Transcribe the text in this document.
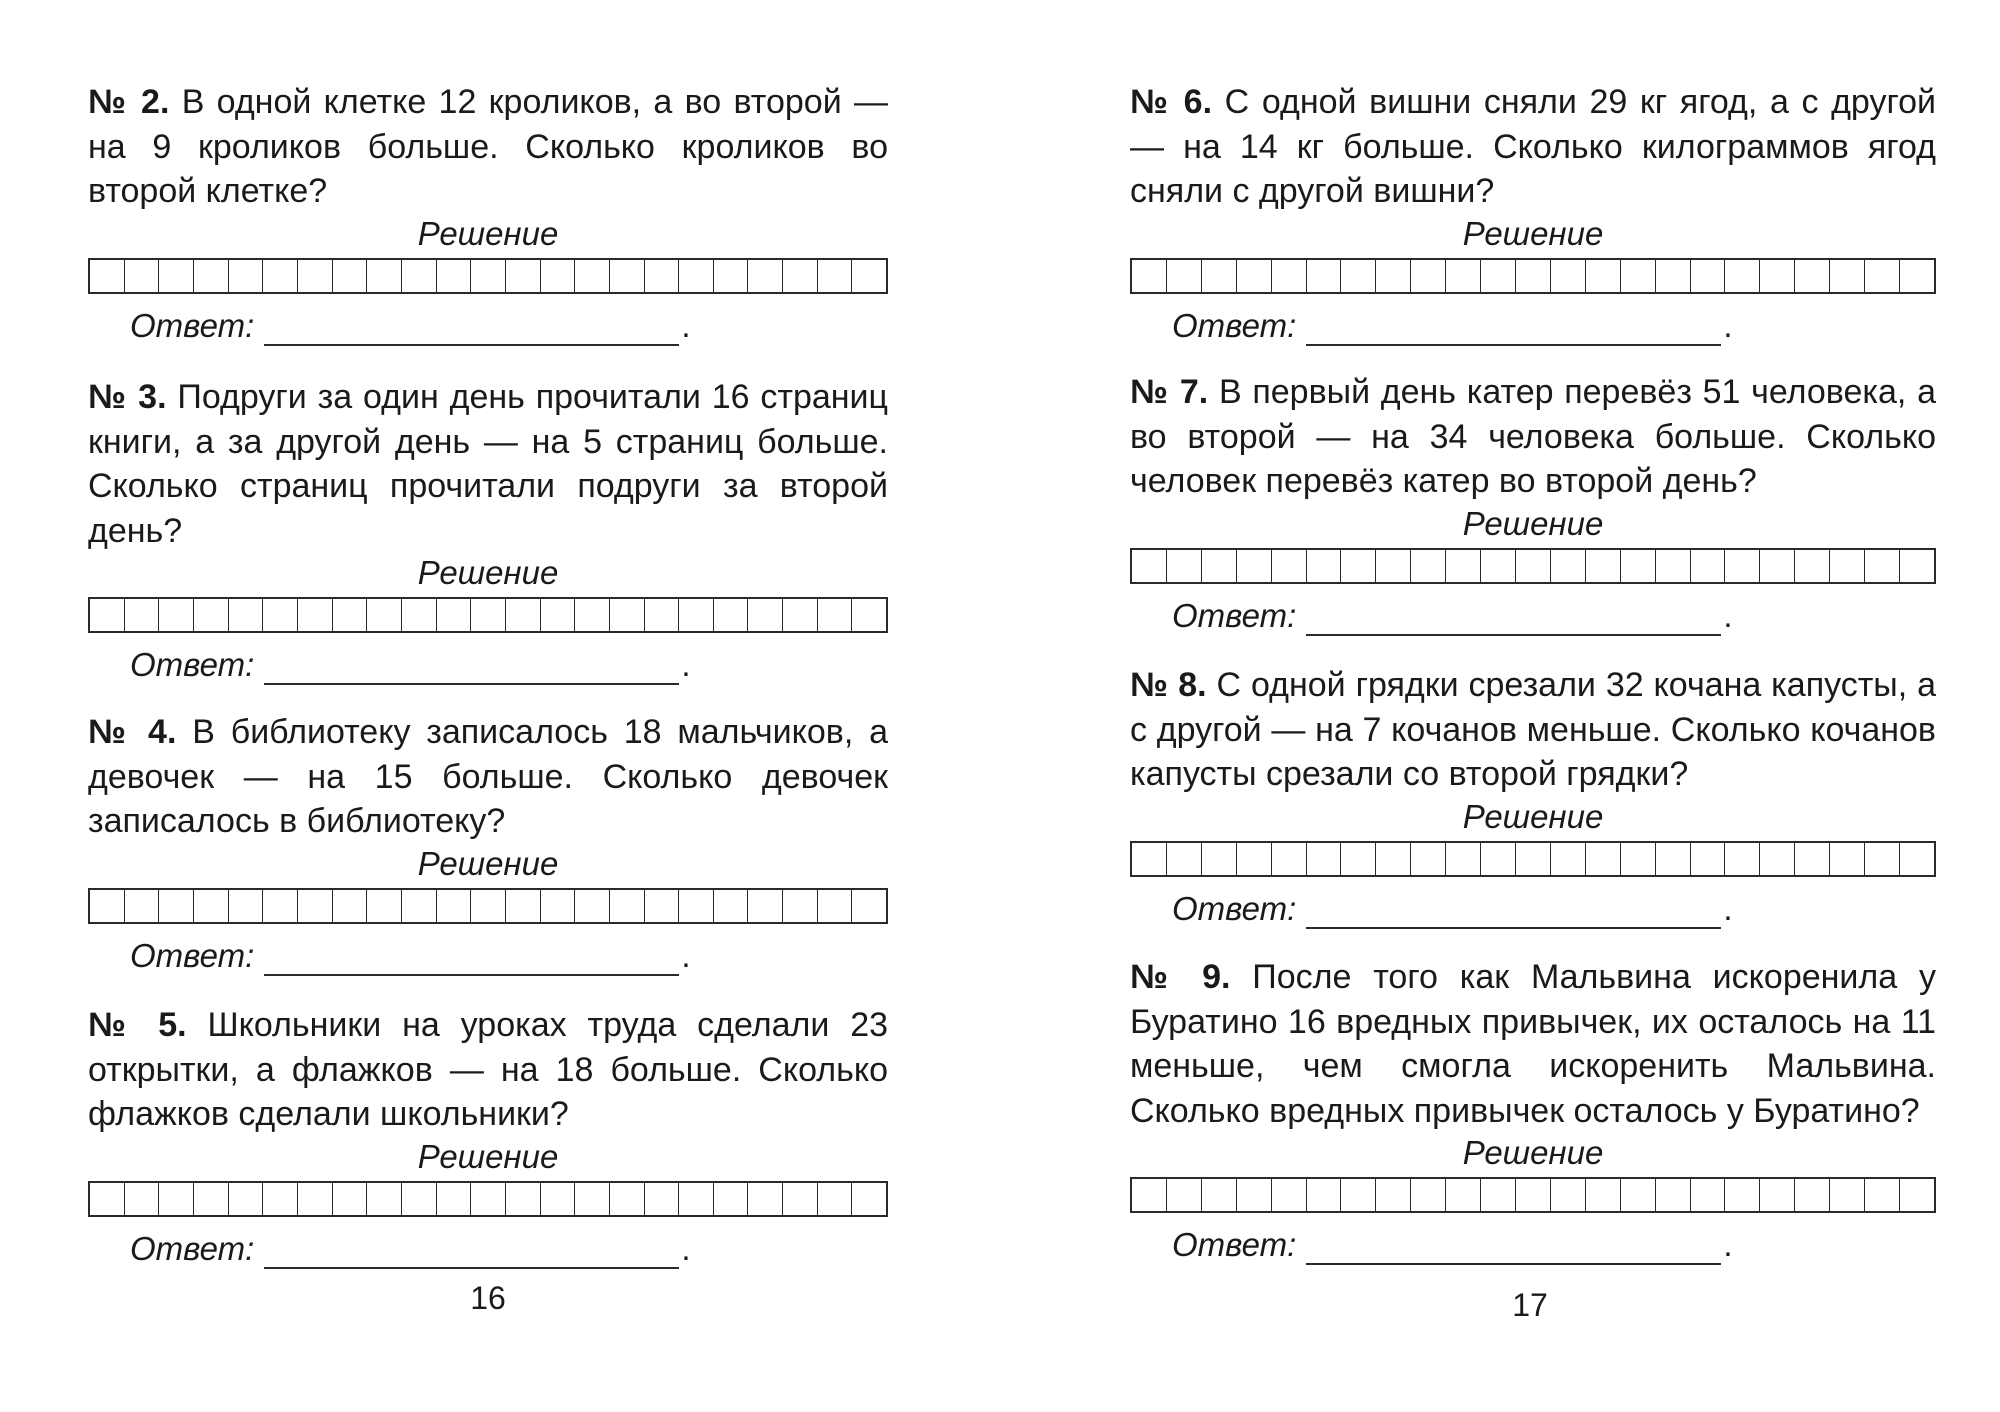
№ 2. В одной клетке 12 кроликов, а во второй — на 9 кроликов больше. Сколько кроликов во второй клетке?

Решение
Ответ:	.

№ 3. Подруги за один день прочитали 16 страниц книги, а за другой день — на 5 страниц больше. Сколько страниц прочитали подруги за второй день?

Решение
Ответ:	.

№ 4. В библиотеку записалось 18 мальчиков, а девочек — на 15 больше. Сколько девочек записалось в библиотеку?

Решение
Ответ:	.

№ 5. Школьники на уроках труда сделали 23 открытки, а флажков — на 18 больше. Сколько флажков сделали школьники?

Решение
Ответ:	.
16

№ 6. С одной вишни сняли 29 кг ягод, а с другой — на 14 кг больше. Сколько килограммов ягод сняли с другой вишни?

Решение
Ответ:	.

№ 7. В первый день катер перевёз 51 человека, а во второй — на 34 человека больше. Сколько человек перевёз катер во второй день?

Решение
Ответ:	.

№ 8. С одной грядки срезали 32 кочана капусты, а с другой — на 7 кочанов меньше. Сколько кочанов капусты срезали со второй грядки?

Решение
Ответ:	.

№ 9. После того как Мальвина искоренила у Буратино 16 вредных привычек, их осталось на 11 меньше, чем смогла искоренить Мальвина. Сколько вредных привычек осталось у Буратино?

Решение
Ответ:	.
17
